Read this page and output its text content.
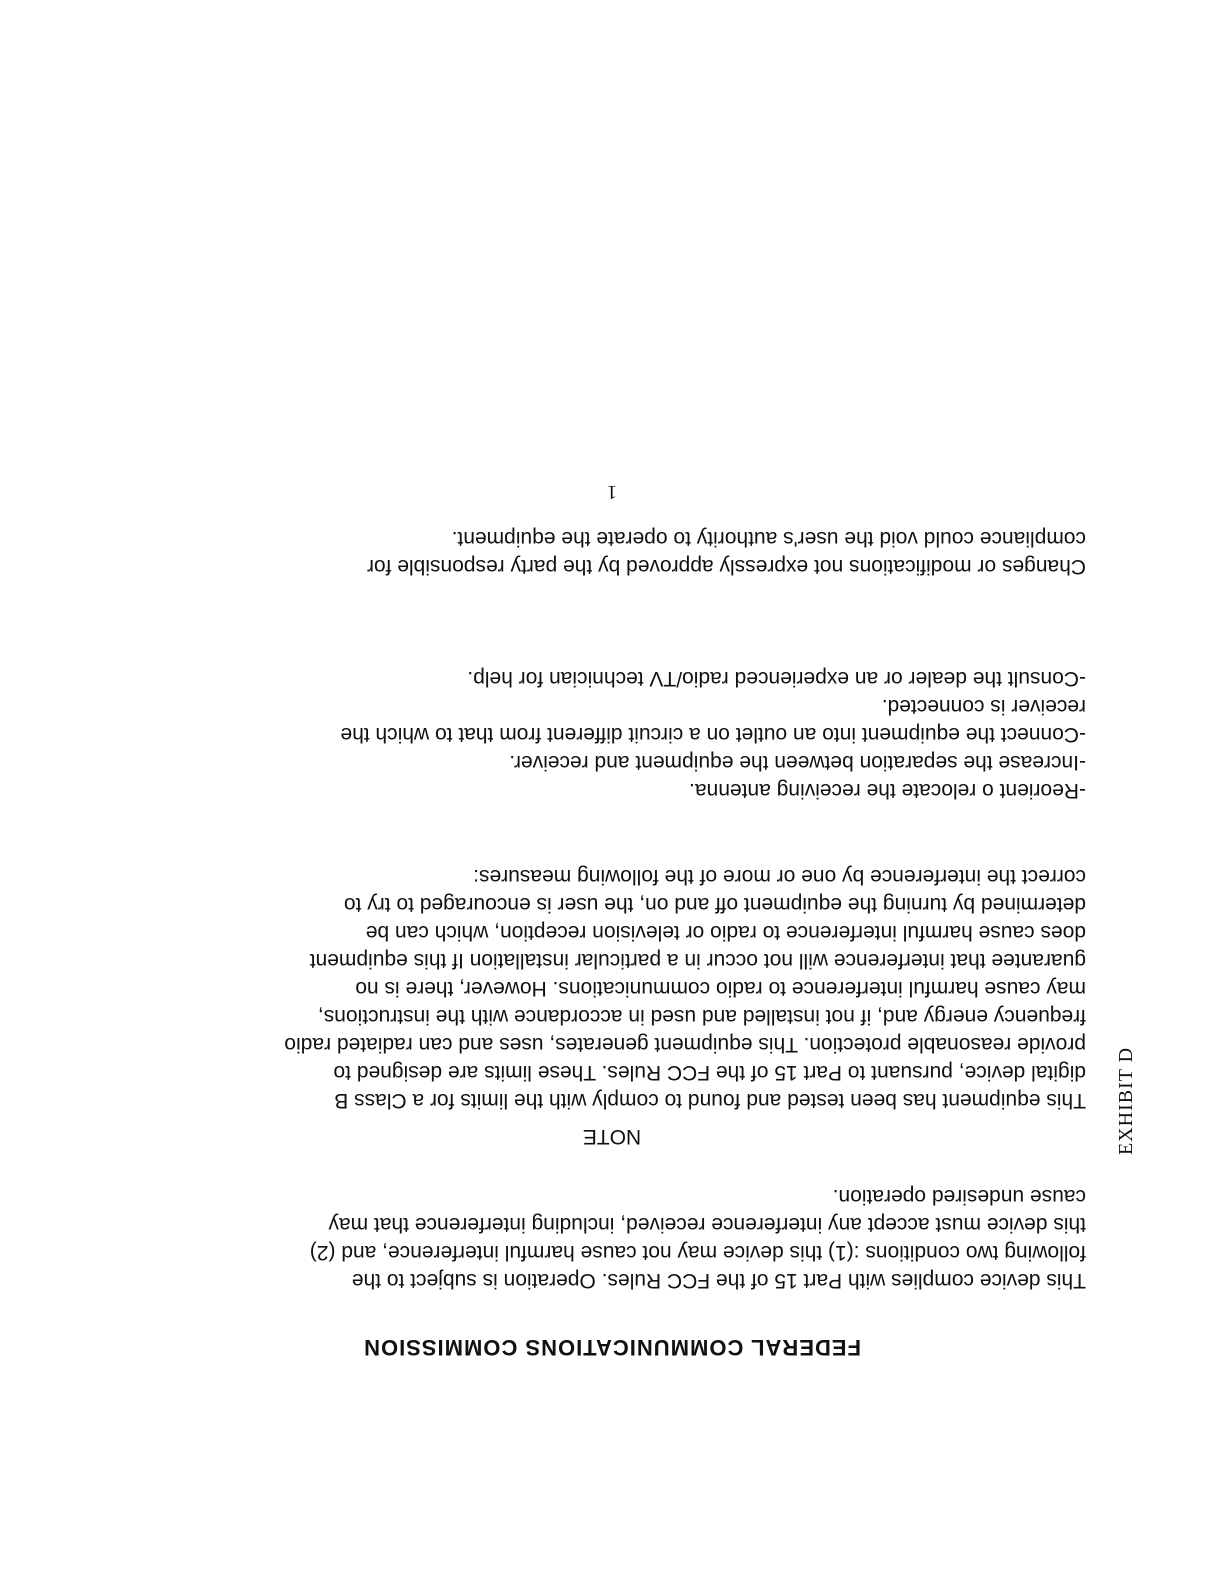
EXHIBIT D
FEDERAL COMMUNICATIONS COMMISSION

This device complies with Part 15 of the FCC Rules. Operation is subject to the
following two conditions :(1) this device may not cause harmful interference, and (2)
this device must accept any interference received, including interference that may
cause undesired operation.

NOTE

This equipment has been tested and found to comply with the limits for a Class B
digital device, pursuant to Part 15 of the FCC Rules. These limits are designed to
provide reasonable protection. This equipment generates, uses and can radiated radio
frequency energy and, if not installed and used in accordance with the instructions,
may cause harmful interference to radio communications. However, there is no
guarantee that interference will not occur in a particular installation If this equipment
does cause harmful interference to radio or television reception, which can be
determined by turning the equipment off and on, the user is encouraged to try to
correct the interference by one or more of the following measures:

-Reorient o relocate the receiving antenna.
-Increase the separation between the equipment and receiver.
-Connect the equipment into an outlet on a circuit different from that to which the
receiver is connected.
-Consult the dealer or an experienced radio/TV technician for help.

Changes or modifications not expressly approved by the party responsible for
compliance could void the user's authority to operate the equipment.

1
